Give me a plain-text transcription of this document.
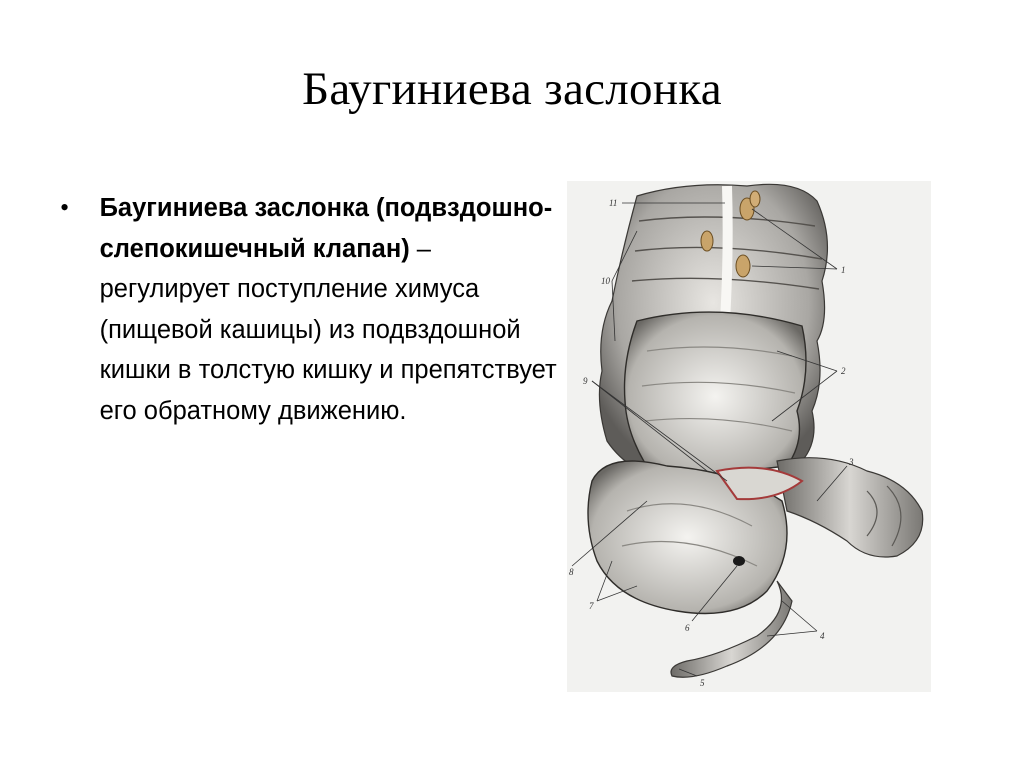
Баугиниева заслонка
•	Баугиниева заслонка (подвздошно-слепокишечный клапан) – регулирует поступление химуса (пищевой кашицы) из подвздошной кишки в толстую кишку и препятствует его обратному движению.

11
1
10
2
9
3
8
7
6
4
5
